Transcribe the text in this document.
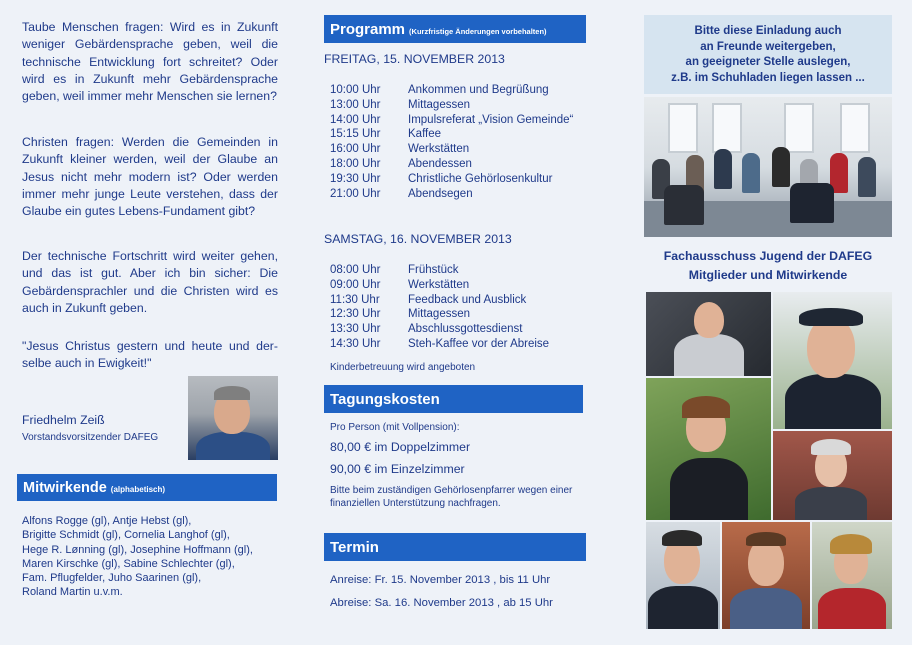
Taube Menschen fragen: Wird es in Zukunft weniger Gebärdensprache geben, weil die technische Entwicklung fort schreitet? Oder wird es in Zukunft mehr Gebärdensprache geben, weil immer mehr Menschen sie lernen?

Christen fragen: Werden die Gemeinden in Zukunft kleiner werden, weil der Glaube an Jesus nicht mehr modern ist? Oder werden immer mehr junge Leute verstehen, dass der Glaube ein gutes Lebens-Fundament gibt?

Der technische Fortschritt wird weiter gehen, und das ist gut. Aber ich bin sicher: Die Gebärdensprachler und die Christen wird es auch in Zukunft geben.

"Jesus Christus gestern und heute und der-selbe auch in Ewigkeit!"

Friedhelm Zeiß
Vorstandsvorsitzender DAFEG
Alfons Rogge (gl), Antje Hebst (gl),
Brigitte Schmidt (gl), Cornelia Langhof (gl),
Hege R. Lønning (gl), Josephine Hoffmann (gl),
Maren Kirschke (gl), Sabine Schlechter (gl),
Fam. Pflugfelder, Juho Saarinen (gl),
Roland Martin u.v.m.
Mitwirkende (alphabetisch)
Programm (Kurzfristige Änderungen vorbehalten)
FREITAG, 15. NOVEMBER 2013
10:00 Uhr	Ankommen und Begrüßung
13:00 Uhr	Mittagessen
14:00 Uhr	Impulsreferat „Vision Gemeinde“
15:15 Uhr	Kaffee
16:00 Uhr	Werkstätten
18:00 Uhr	Abendessen
19:30 Uhr	Christliche Gehörlosenkultur
21:00 Uhr	Abendsegen
SAMSTAG, 16. NOVEMBER 2013
08:00 Uhr	Frühstück
09:00 Uhr	Werkstätten
11:30 Uhr	Feedback und Ausblick
12:30 Uhr	Mittagessen
13:30 Uhr	Abschlussgottesdienst
14:30 Uhr	Steh-Kaffee vor der Abreise
Kinderbetreuung wird angeboten
Pro Person (mit Vollpension):
80,00 € im Doppelzimmer
90,00 € im Einzelzimmer
Bitte beim zuständigen Gehörlosenpfarrer wegen einer finanziellen Unterstützung nachfragen.
Anreise: Fr. 15. November 2013 , bis 11 Uhr
Abreise: Sa. 16. November 2013 , ab 15 Uhr
Tagungskosten
Termin
Bitte diese Einladung auch
an Freunde weitergeben,
an geeigneter Stelle auslegen,
z.B. im Schuhladen liegen lassen ...
Fachausschuss Jugend der DAFEG
Mitglieder und Mitwirkende
